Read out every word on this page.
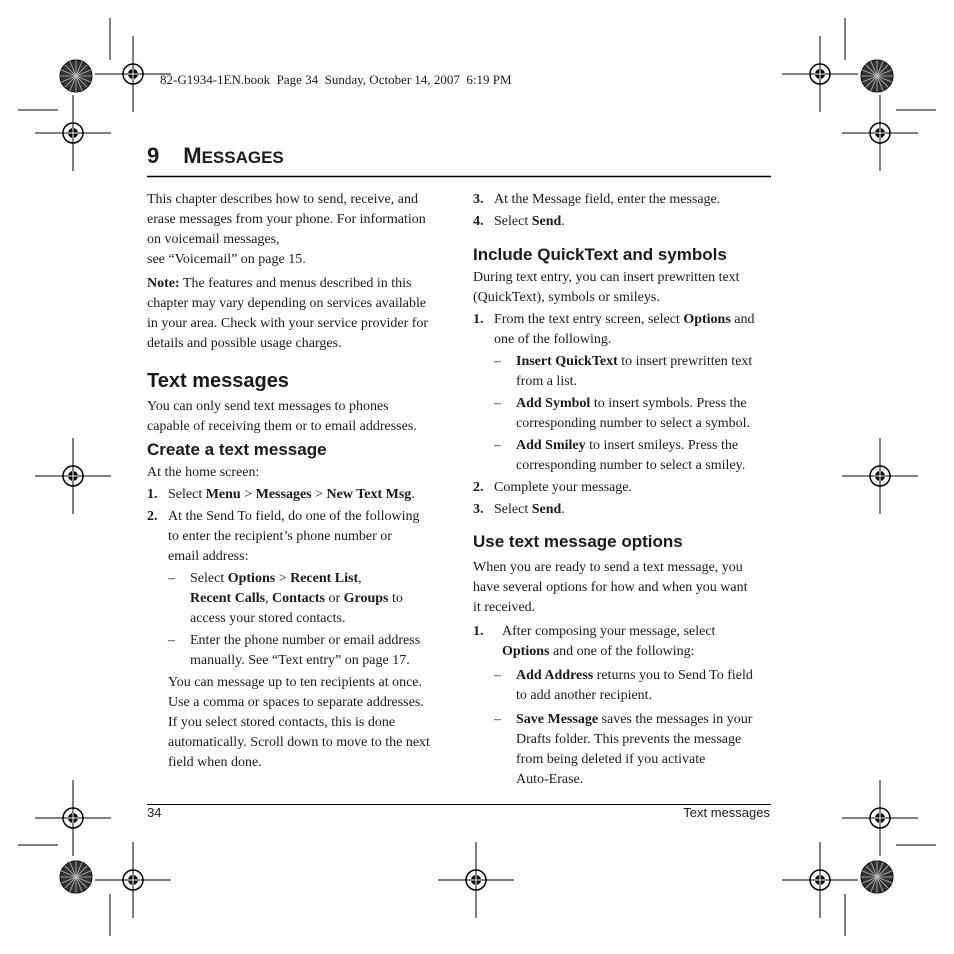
82-G1934-1EN.book  Page 34  Sunday, October 14, 2007  6:19 PM
9 MESSAGES
This chapter describes how to send, receive, and
erase messages from your phone. For information
on voicemail messages,
see “Voicemail” on page 15.
Note: The features and menus described in this
chapter may vary depending on services available
in your area. Check with your service provider for
details and possible usage charges.
Text messages
You can only send text messages to phones
capable of receiving them or to email addresses.
Create a text message
At the home screen:
1. Select Menu > Messages > New Text Msg.
2. At the Send To field, do one of the following
to enter the recipient’s phone number or
email address:
– Select Options > Recent List,
Recent Calls, Contacts or Groups to
access your stored contacts.
– Enter the phone number or email address
manually. See “Text entry” on page 17.
You can message up to ten recipients at once.
Use a comma or spaces to separate addresses.
If you select stored contacts, this is done
automatically. Scroll down to move to the next
field when done.
3. At the Message field, enter the message.
4. Select Send.
Include QuickText and symbols
During text entry, you can insert prewritten text
(QuickText), symbols or smileys.
1. From the text entry screen, select Options and
one of the following.
– Insert QuickText to insert prewritten text
from a list.
– Add Symbol to insert symbols. Press the
corresponding number to select a symbol.
– Add Smiley to insert smileys. Press the
corresponding number to select a smiley.
2. Complete your message.
3. Select Send.
Use text message options
When you are ready to send a text message, you
have several options for how and when you want
it received.
1. After composing your message, select
Options and one of the following:
– Add Address returns you to Send To field
to add another recipient.
– Save Message saves the messages in your
Drafts folder. This prevents the message
from being deleted if you activate
Auto-Erase.
34	Text messages
